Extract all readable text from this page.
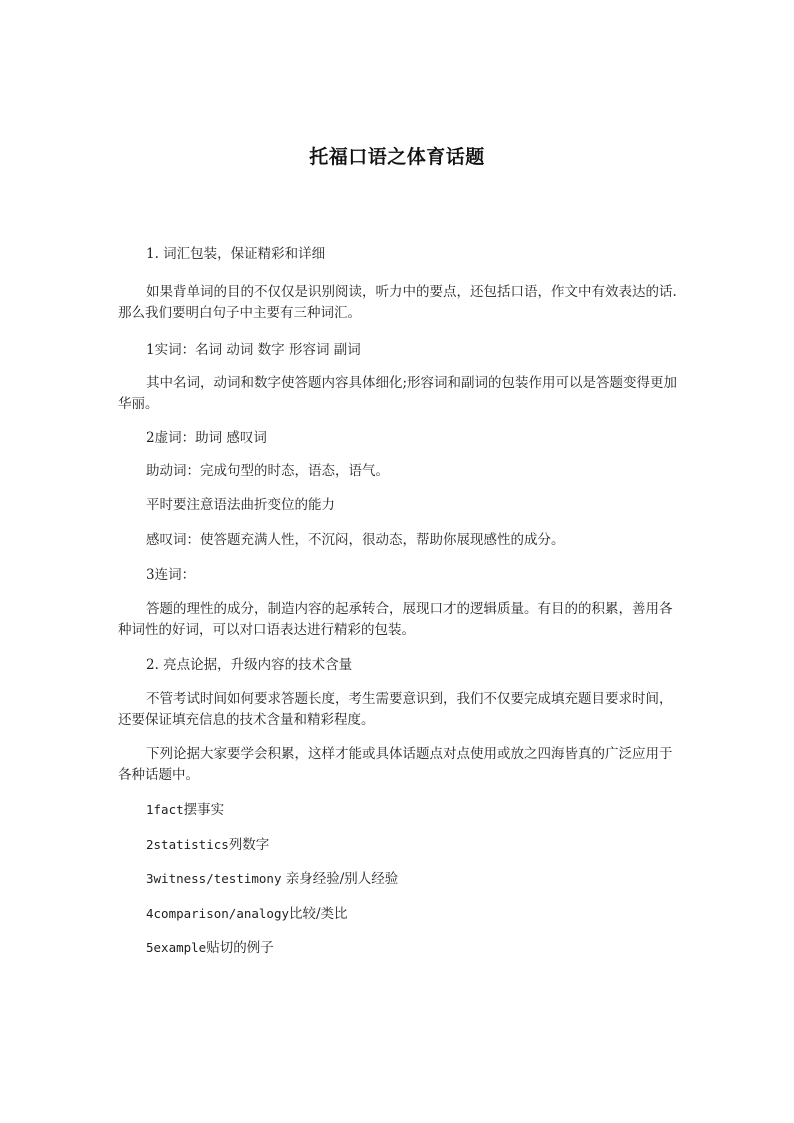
托福口语之体育话题

1. 词汇包装，保证精彩和详细

如果背单词的目的不仅仅是识别阅读，听力中的要点，还包括口语，作文中有效表达的话. 那么我们要明白句子中主要有三种词汇。

1实词：名词 动词 数字 形容词 副词

其中名词，动词和数字使答题内容具体细化;形容词和副词的包装作用可以是答题变得更加华丽。

2虚词：助词 感叹词

助动词：完成句型的时态，语态，语气。

平时要注意语法曲折变位的能力

感叹词：使答题充满人性，不沉闷，很动态，帮助你展现感性的成分。

3连词：

答题的理性的成分，制造内容的起承转合，展现口才的逻辑质量。有目的的积累，善用各种词性的好词，可以对口语表达进行精彩的包装。

2. 亮点论据，升级内容的技术含量

不管考试时间如何要求答题长度，考生需要意识到，我们不仅要完成填充题目要求时间，还要保证填充信息的技术含量和精彩程度。

下列论据大家要学会积累，这样才能或具体话题点对点使用或放之四海皆真的广泛应用于各种话题中。

1fact摆事实

2statistics列数字

3witness/testimony 亲身经验/别人经验

4comparison/analogy比较/类比

5example贴切的例子
